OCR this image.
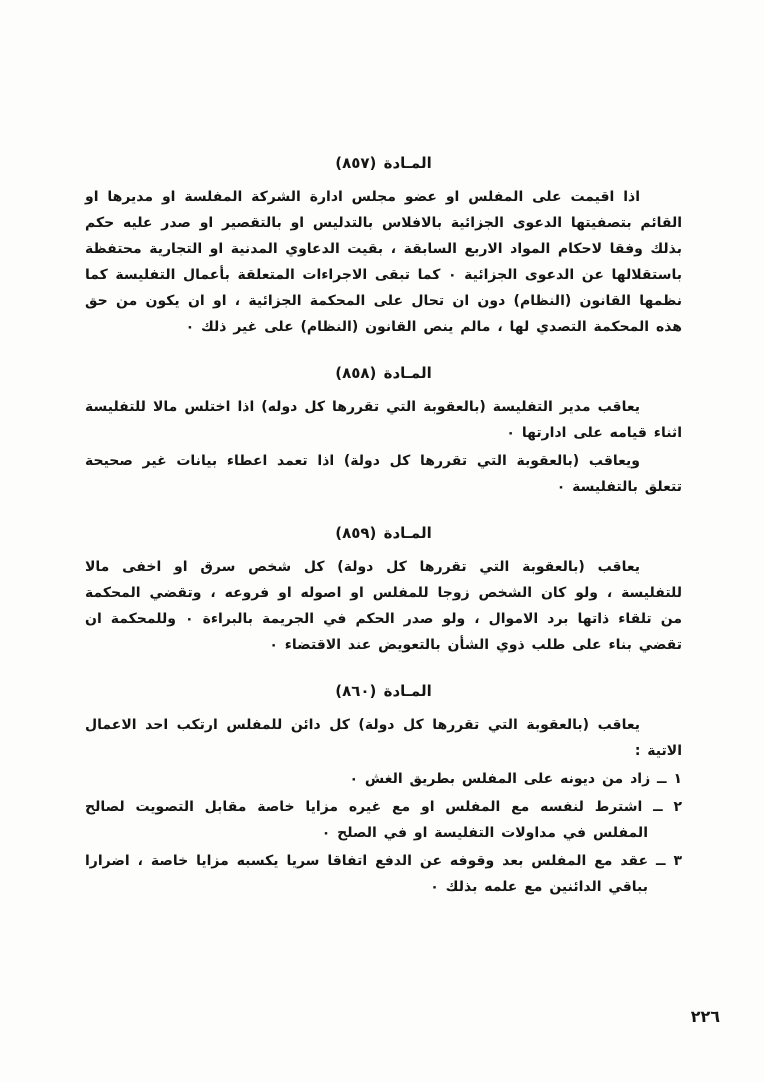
المـادة (٨٥٧)

اذا اقيمت على المفلس او عضو مجلس ادارة الشركة المفلسة او مديرها او القائم بتصفيتها الدعوى الجزائية بالافلاس بالتدليس او بالتقصير او صدر عليه حكم بذلك وفقا لاحكام المواد الاربع السابقة ، بقيت الدعاوي المدنية او التجارية محتفظة باستقلالها عن الدعوى الجزائية ٠ كما تبقى الاجراءات المتعلقة بأعمال التفليسة كما نظمها القانون (النظام) دون ان تحال على المحكمة الجزائية ، او ان يكون من حق هذه المحكمة التصدي لها ، مالم ينص القانون (النظام) على غير ذلك ٠

المـادة (٨٥٨)

يعاقب مدير التفليسة (بالعقوبة التي تقررها كل دوله) اذا اختلس مالا للتفليسة اثناء قيامه على ادارتها ٠

ويعاقب (بالعقوبة التي تقررها كل دولة) اذا تعمد اعطاء بيانات غير صحيحة تتعلق بالتفليسة ٠

المـادة (٨٥٩)

يعاقب (بالعقوبة التي تقررها كل دولة) كل شخص سرق او اخفى مالا للتفليسة ، ولو كان الشخص زوجا للمفلس او اصوله او فروعه ، وتقضي المحكمة من تلقاء ذاتها برد الاموال ، ولو صدر الحكم في الجريمة بالبراءة ٠ وللمحكمة ان تقضي بناء على طلب ذوي الشأن بالتعويض عند الاقتضاء ٠

المـادة (٨٦٠)

يعاقب (بالعقوبة التي تقررها كل دولة) كل دائن للمفلس ارتكب احد الاعمال الاتية :

١ ــ زاد من ديونه على المفلس بطريق الغش ٠

٢ ــ اشترط لنفسه مع المفلس او مع غيره مزايا خاصة مقابل التصويت لصالح المفلس في مداولات التفليسة او في الصلح ٠

٣ ــ عقد مع المفلس بعد وقوفه عن الدفع اتفاقا سريا يكسبه مزايا خاصة ، اضرارا بباقي الدائنين مع علمه بذلك ٠

٢٢٦
